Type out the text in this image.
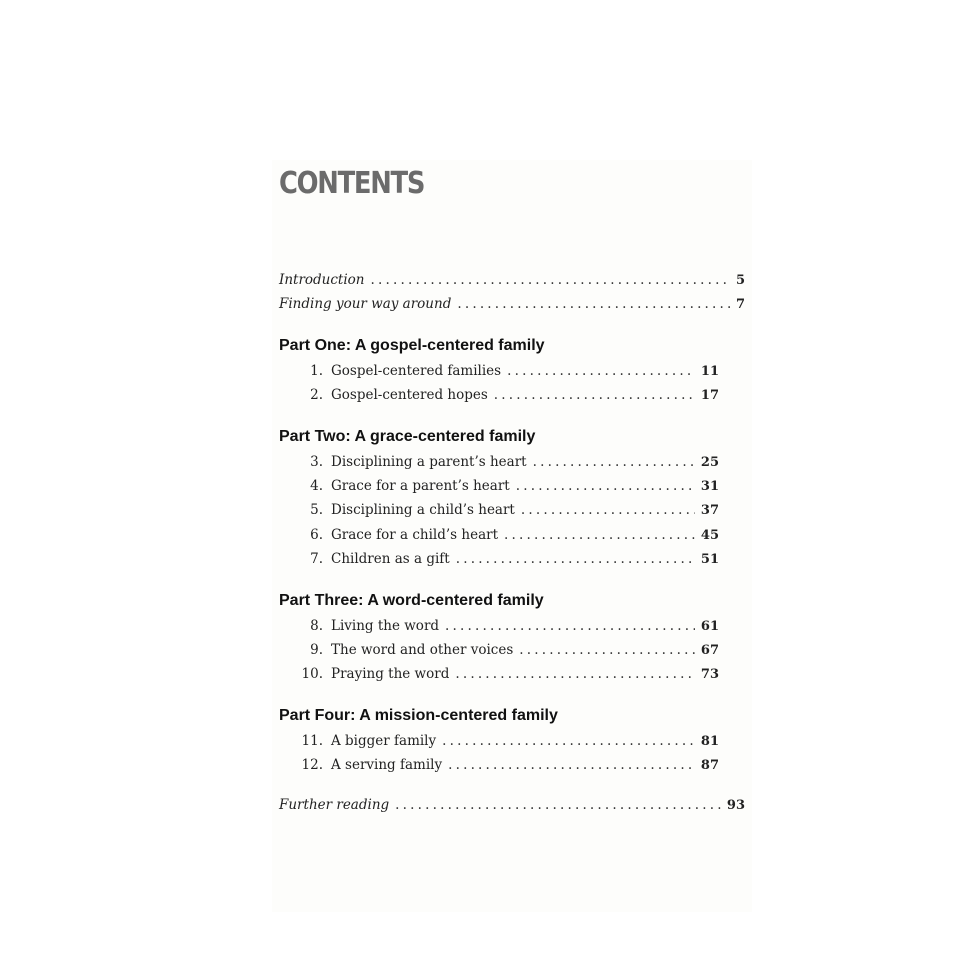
CONTENTS
Introduction .....	5
Finding your way around .....	7
Part One: A gospel-centered family
1. Gospel-centered families .....	11
2. Gospel-centered hopes .....	17
Part Two: A grace-centered family
3. Disciplining a parent’s heart .....	25
4. Grace for a parent’s heart .....	31
5. Disciplining a child’s heart .....	37
6. Grace for a child’s heart .....	45
7. Children as a gift .....	51
Part Three: A word-centered family
8. Living the word .....	61
9. The word and other voices .....	67
10. Praying the word .....	73
Part Four: A mission-centered family
11. A bigger family .....	81
12. A serving family .....	87
Further reading .....	93
